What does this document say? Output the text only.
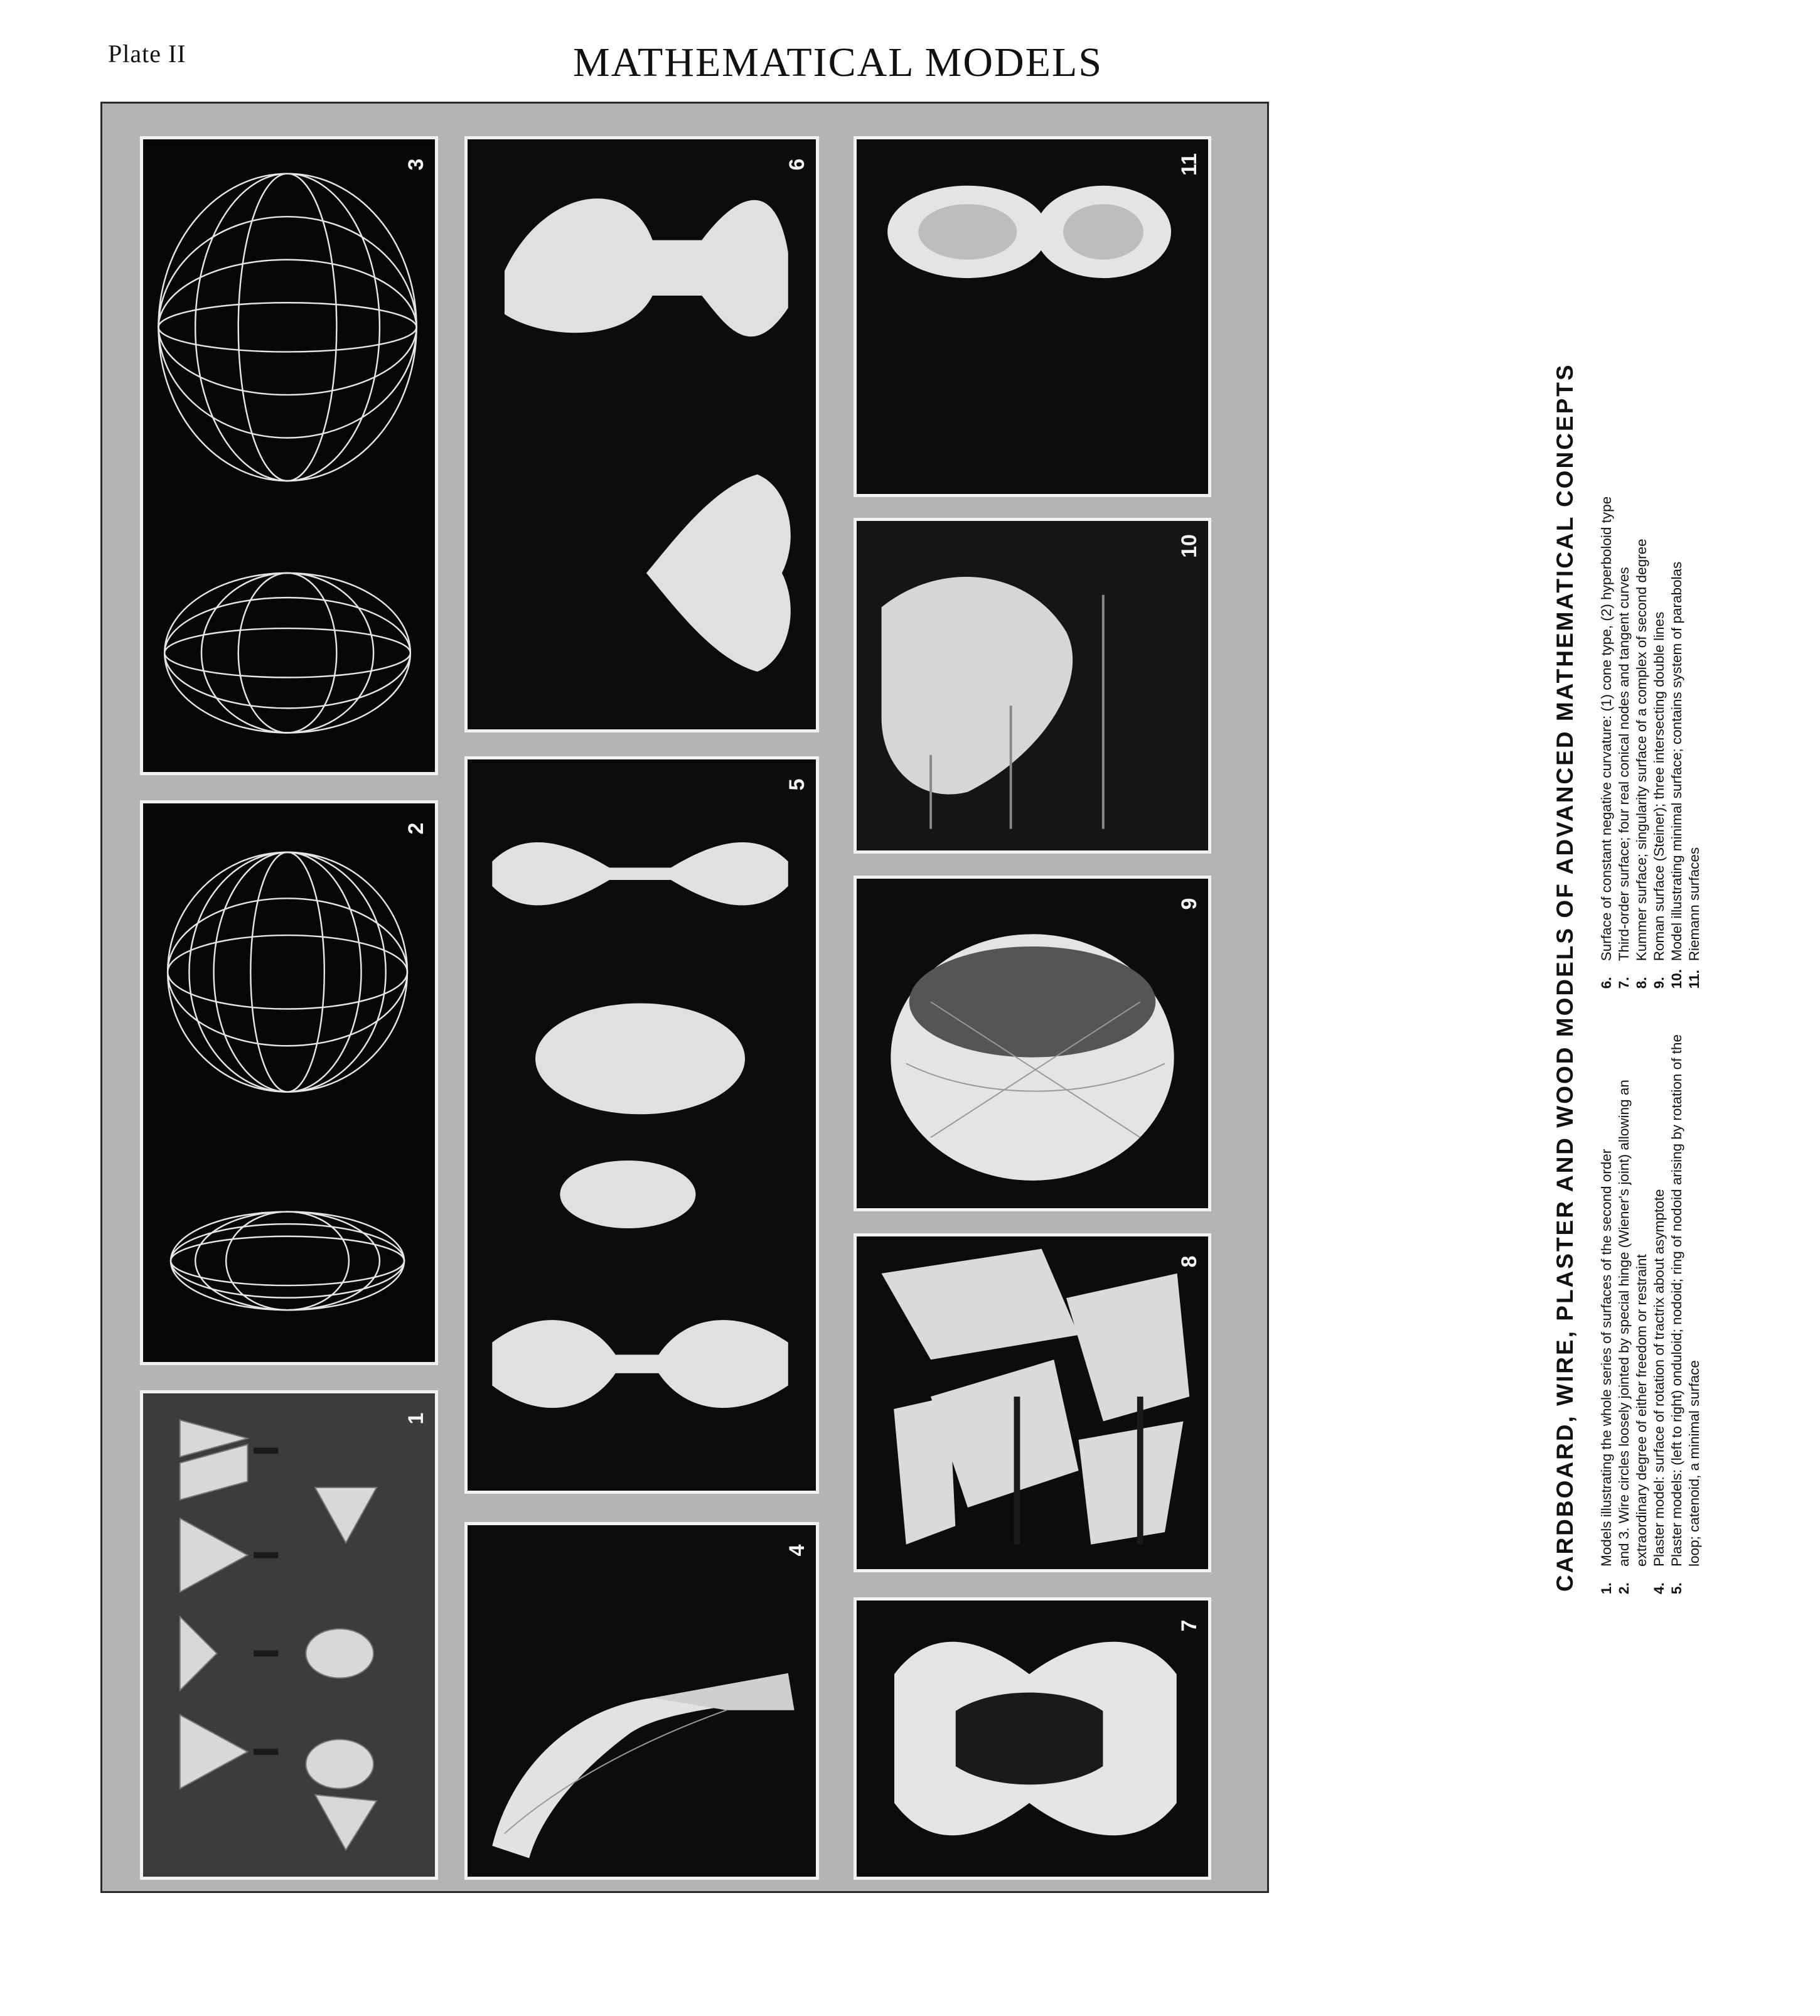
Plate II	MATHEMATICAL MODELS
1
2
3
4
5
6
7
8
9
10
11
CARDBOARD, WIRE, PLASTER AND WOOD MODELS OF ADVANCED MATHEMATICAL CONCEPTS 1.
Models illustrating the whole series of surfaces of the second order
2.
and 3. Wire circles loosely jointed by special hinge (Wiener's joint) allowing an extraordinary degree of either freedom or restraint
4.
Plaster model: surface of rotation of tractrix about asymptote
5.
Plaster models: (left to right) onduloid; nodoid; ring of nodoid arising by rotation of the loop; catenoid, a minimal surface
6.
Surface of constant negative curvature: (1) cone type, (2) hyperboloid type
7.
Third-order surface; four real conical nodes and tangent curves
8.
Kummer surface; singularity surface of a complex of second degree
9.
Roman surface (Steiner); three intersecting double lines
10.
Model illustrating minimal surface; contains system of parabolas
11.
Riemann surfaces
